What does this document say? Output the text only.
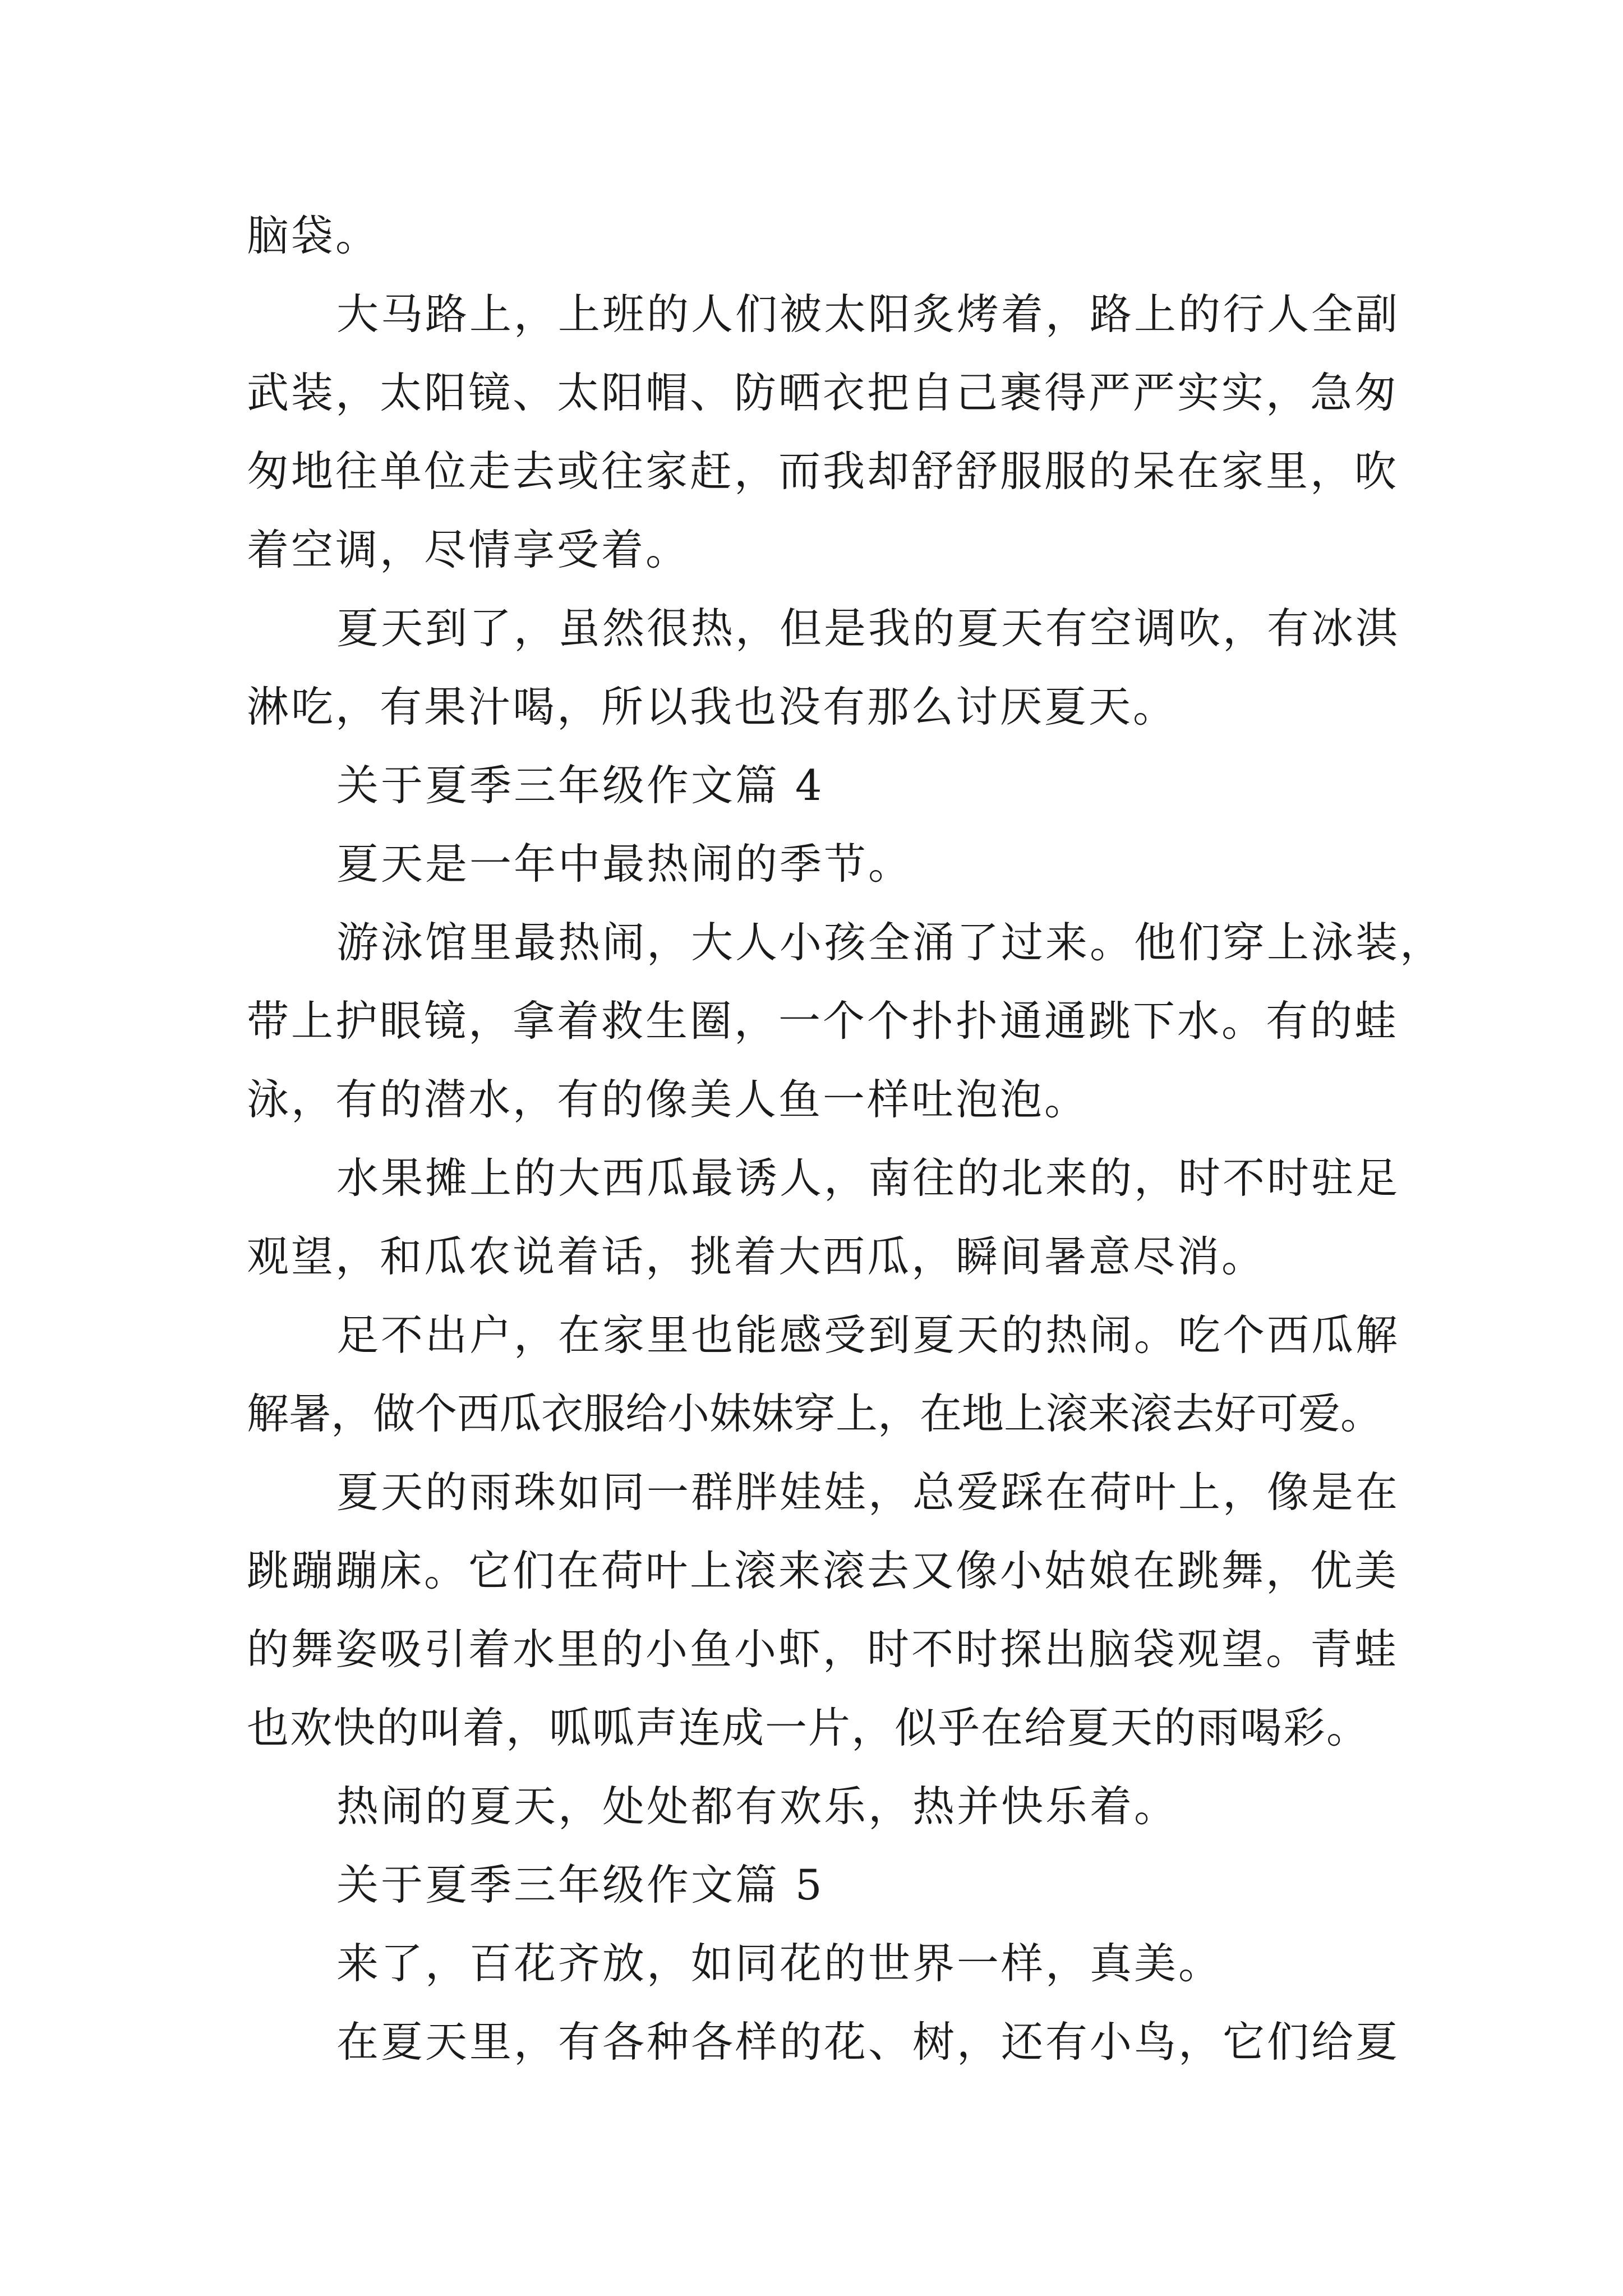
脑袋。
大马路上，上班的人们被太阳炙烤着，路上的行人全副
武装，太阳镜、太阳帽、防晒衣把自己裹得严严实实，急匆
匆地往单位走去或往家赶，而我却舒舒服服的呆在家里，吹
着空调，尽情享受着。
夏天到了，虽然很热，但是我的夏天有空调吹，有冰淇
淋吃，有果汁喝，所以我也没有那么讨厌夏天。
关于夏季三年级作文篇 4
夏天是一年中最热闹的季节。
游泳馆里最热闹，大人小孩全涌了过来。他们穿上泳装，
带上护眼镜，拿着救生圈，一个个扑扑通通跳下水。有的蛙
泳，有的潜水，有的像美人鱼一样吐泡泡。
水果摊上的大西瓜最诱人，南往的北来的，时不时驻足
观望，和瓜农说着话，挑着大西瓜，瞬间暑意尽消。
足不出户，在家里也能感受到夏天的热闹。吃个西瓜解
解暑，做个西瓜衣服给小妹妹穿上，在地上滚来滚去好可爱。
夏天的雨珠如同一群胖娃娃，总爱踩在荷叶上，像是在
跳蹦蹦床。它们在荷叶上滚来滚去又像小姑娘在跳舞，优美
的舞姿吸引着水里的小鱼小虾，时不时探出脑袋观望。青蛙
也欢快的叫着，呱呱声连成一片，似乎在给夏天的雨喝彩。
热闹的夏天，处处都有欢乐，热并快乐着。
关于夏季三年级作文篇 5
来了，百花齐放，如同花的世界一样，真美。
在夏天里，有各种各样的花、树，还有小鸟，它们给夏
